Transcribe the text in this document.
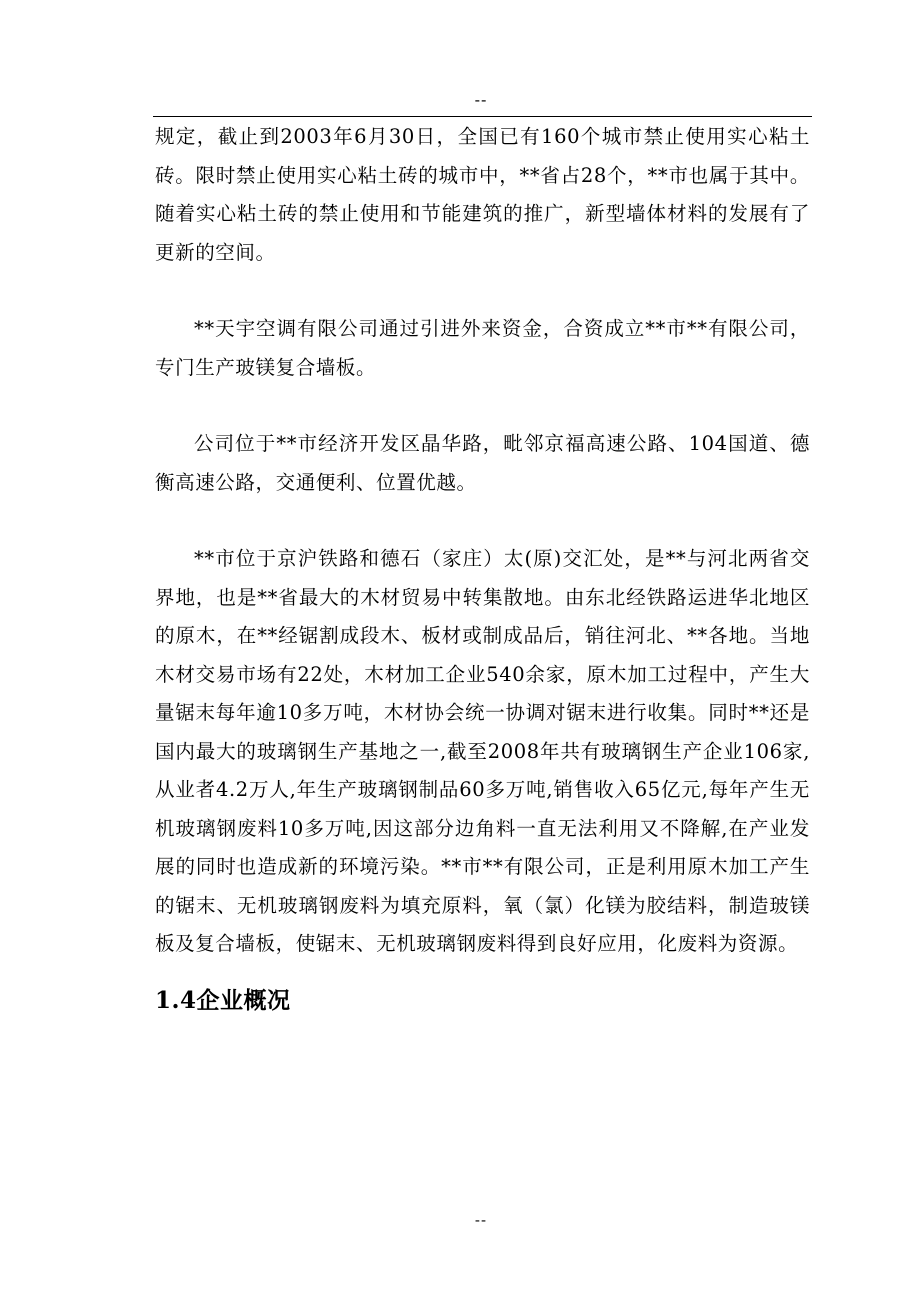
--

规定，截止到2003年6月30日，全国已有160个城市禁止使用实心粘土砖。限时禁止使用实心粘土砖的城市中，**省占28个，**市也属于其中。随着实心粘土砖的禁止使用和节能建筑的推广，新型墙体材料的发展有了更新的空间。

**天宇空调有限公司通过引进外来资金，合资成立**市**有限公司，专门生产玻镁复合墙板。

公司位于**市经济开发区晶华路，毗邻京福高速公路、104国道、德衡高速公路，交通便利、位置优越。

**市位于京沪铁路和德石（家庄）太(原)交汇处，是**与河北两省交界地，也是**省最大的木材贸易中转集散地。由东北经铁路运进华北地区的原木，在**经锯割成段木、板材或制成品后，销往河北、**各地。当地木材交易市场有22处，木材加工企业540余家，原木加工过程中，产生大量锯末每年逾10多万吨，木材协会统一协调对锯末进行收集。同时**还是国内最大的玻璃钢生产基地之一,截至2008年共有玻璃钢生产企业106家,从业者4.2万人,年生产玻璃钢制品60多万吨,销售收入65亿元,每年产生无机玻璃钢废料10多万吨,因这部分边角料一直无法利用又不降解,在产业发展的同时也造成新的环境污染。**市**有限公司，正是利用原木加工产生的锯末、无机玻璃钢废料为填充原料，氧（氯）化镁为胶结料，制造玻镁板及复合墙板，使锯末、无机玻璃钢废料得到良好应用，化废料为资源。

1.4企业概况
--
